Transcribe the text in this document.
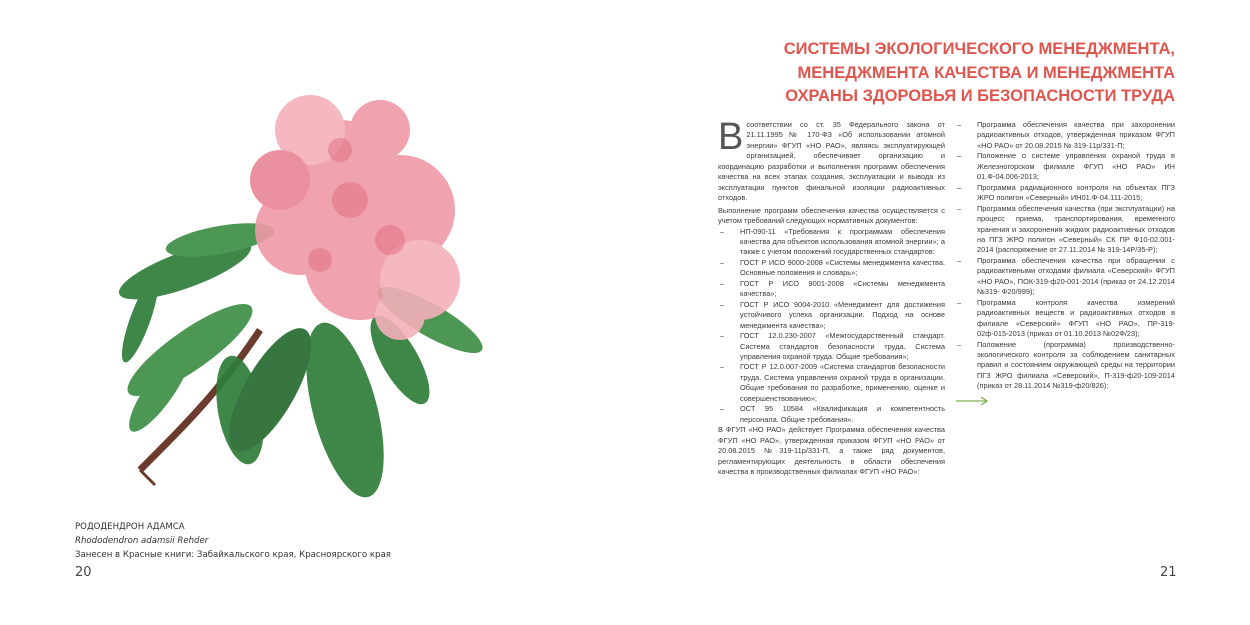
РОДОДЕНДРОН АДАМСА
Rhododendron adamsii Rehder
Занесен в Красные книги: Забайкальского края, Красноярского края
20
СИСТЕМЫ ЭКОЛОГИЧЕСКОГО МЕНЕДЖМЕНТА,
МЕНЕДЖМЕНТА КАЧЕСТВА И МЕНЕДЖМЕНТА
ОХРАНЫ ЗДОРОВЬЯ И БЕЗОПАСНОСТИ ТРУДА

Всоответствии со ст. 35 Федерального закона от 21.11.1995 № 170-ФЗ «Об использовании атомной энергии» ФГУП «НО РАО», являясь эксплуатирующей организацией, обеспечивает организацию и координацию разработки и выполнения программ обеспечения качества на всех этапах создания, эксплуатации и вывода из эксплуатации пунктов финальной изоляции радиоактивных отходов.

Выполнение программ обеспечения качества осуществляется с учетом требований следующих нормативных документов:

– НП-090-11 «Требования к программам обеспечения качества для объектов использования атомной энергии»; а также с учетом положений государственных стандартов:
– ГОСТ Р ИСО 9000-2008 «Системы менеджмента качества. Основные положения и словарь»;
– ГОСТ Р ИСО 9001-2008 «Системы менеджмента качества»;
– ГОСТ Р ИСО 9004-2010 «Менеджмент для достижения устойчивого успеха организации. Подход на основе менеджмента качества»;
– ГОСТ 12.0.230-2007 «Межгосударственный стандарт. Система стандартов безопасности труда. Система управления охраной труда. Общие требования»;
– ГОСТ Р 12.0.007-2009 «Система стандартов безопасности труда. Система управления охраной труда в организации. Общие требования по разработке, применению, оценке и совершенствованию»;
– ОСТ 95 10584 «Квалификация и компетентность персонала. Общие требования».

В ФГУП «НО РАО» действует Программа обеспечения качества ФГУП «НО РАО», утвержденная приказом ФГУП «НО РАО» от 20.08.2015 №319-11р/331-П, а также ряд документов, регламентирующих деятельность в области обеспечения качества в производственных филиалах ФГУП «НО РАО»:

– Программа обеспечения качества при захоронении радиоактивных отходов, утвержденная приказом ФГУП «НО РАО» от 20.08.2015 № 319-11р/331-П;
– Положение о системе управления охраной труда в Железногорском филиале ФГУП «НО РАО» ИН 01.Ф-04.006-2013;
– Программа радиационного контроля на объектах ПГЗ ЖРО полигон «Северный» ИН01.Ф-04.111-2015;
– Программа обеспечения качества (при эксплуатации) на процесс приема, транспортирования, временного хранения и захоронения жидких радиоактивных отходов на ПГЗ ЖРО полигон «Северный» СК ПР Ф10-02.001-2014 (распоряжение от 27.11.2014 № 319-14Р/35-Р);
– Программа обеспечения качества при обращении с радиоактивными отходами филиала «Северский» ФГУП «НО РАО», ПОК-319-ф20-001-2014 (приказ от 24.12.2014 №319- Ф20/999);
– Программа контроля качества измерений радиоактивных веществ и радиоактивных отходов в филиале «Северский» ФГУП «НО РАО», ПР-319-02ф-015-2013 (приказ от 01.10.2013 №02Ф/23);
– Положение (программа) производственно-экологического контроля за соблюдением санитарных правил и состоянием окружающей среды на территории ПГЗ ЖРО филиала «Северский», П-319-ф20-109-2014 (приказ от 28.11.2014 №319-ф20/826);
21
